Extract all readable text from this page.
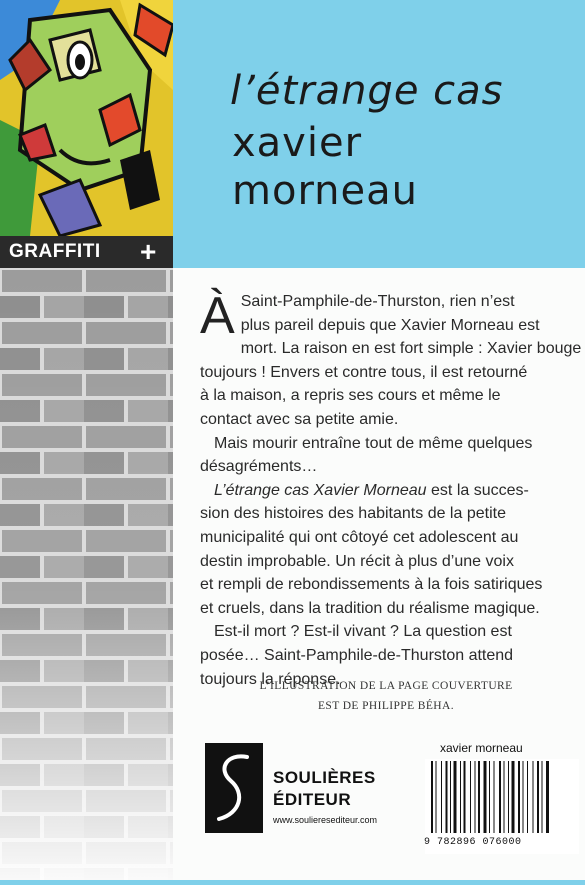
GRAFFITI +
l’étrange cas
xavier
morneau

À Saint-Pamphile-de-Thurston, rien n’est
plus pareil depuis que Xavier Morneau est
mort. La raison en est fort simple : Xavier bouge
toujours ! Envers et contre tous, il est retourné
à la maison, a repris ses cours et même le
contact avec sa petite amie.

Mais mourir entraîne tout de même quelques
désagréments…

L’étrange cas Xavier Morneau est la succes-
sion des histoires des habitants de la petite
municipalité qui ont côtoyé cet adolescent au
destin improbable. Un récit à plus d’une voix
et rempli de rebondissements à la fois satiriques
et cruels, dans la tradition du réalisme magique.

Est-il mort ? Est-il vivant ? La question est
posée… Saint-Pamphile-de-Thurston attend
toujours la réponse.

L’ILLUSTRATION DE LA PAGE COUVERTURE
EST DE PHILIPPE BÉHA.
SOULIÈRES
ÉDITEUR
www.soulieresediteur.com
xavier morneau
9 782896 076000
